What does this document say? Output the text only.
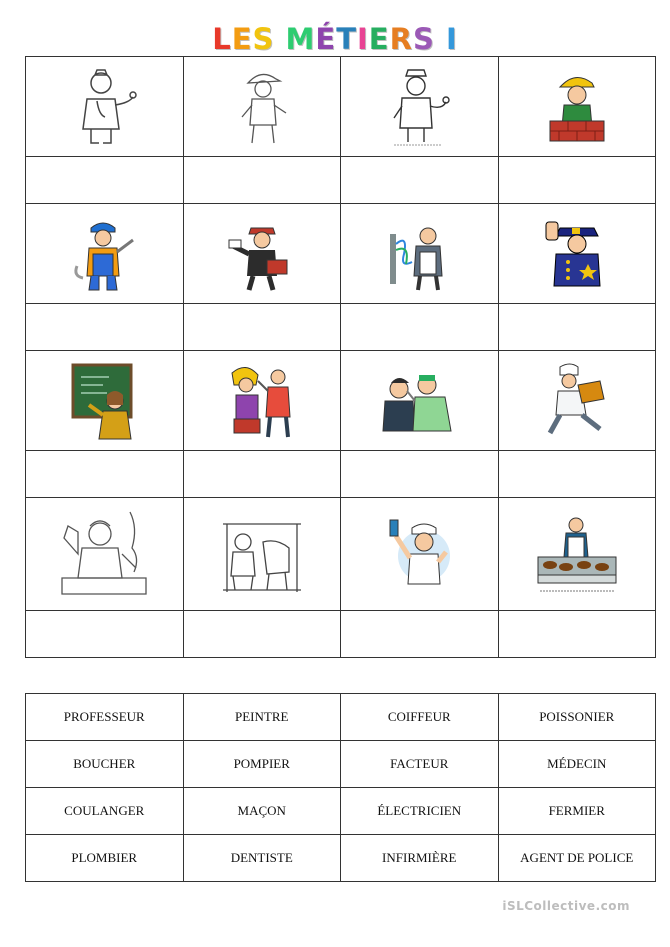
LES MÉTIERS I

PROFESSEUR	PEINTRE	COIFFEUR	POISSONIER
BOUCHER	POMPIER	FACTEUR	MÉDECIN
COULANGER	MAÇON	ÉLECTRICIEN	FERMIER
PLOMBIER	DENTISTE	INFIRMIÈRE	AGENT DE POLICE
iSLCollective.com
